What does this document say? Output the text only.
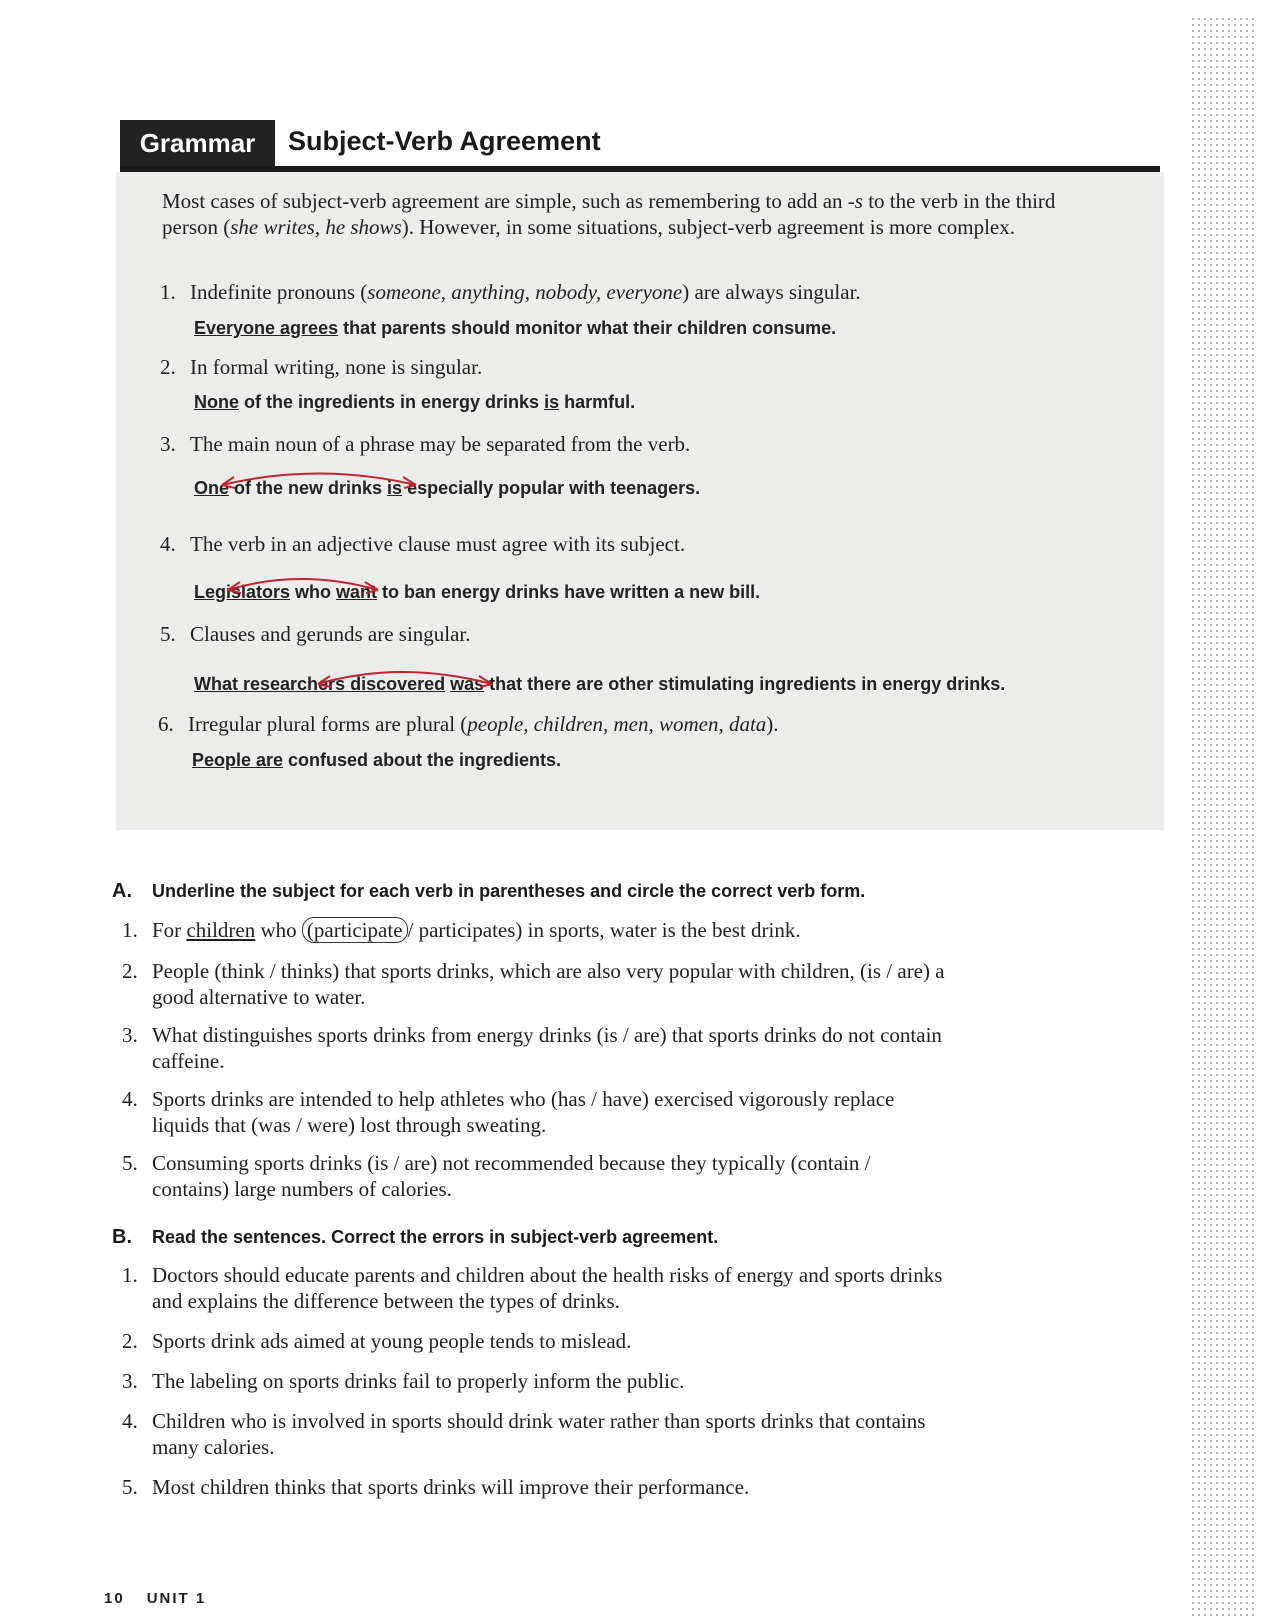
Grammar	Subject-Verb Agreement
Most cases of subject-verb agreement are simple, such as remembering to add an -s to the verb in the third person (she writes, he shows). However, in some situations, subject-verb agreement is more complex.
1. Indefinite pronouns (someone, anything, nobody, everyone) are always singular.
Everyone agrees that parents should monitor what their children consume.
2. In formal writing, none is singular.
None of the ingredients in energy drinks is harmful.
3. The main noun of a phrase may be separated from the verb.
One of the new drinks is especially popular with teenagers.
4. The verb in an adjective clause must agree with its subject.
Legislators who want to ban energy drinks have written a new bill.
5. Clauses and gerunds are singular.
What researchers discovered was that there are other stimulating ingredients in energy drinks.
6. Irregular plural forms are plural (people, children, men, women, data).
People are confused about the ingredients.
A. Underline the subject for each verb in parentheses and circle the correct verb form.
1. For children who (participate / participates) in sports, water is the best drink.
2. People (think / thinks) that sports drinks, which are also very popular with children, (is / are) a good alternative to water.
3. What distinguishes sports drinks from energy drinks (is / are) that sports drinks do not contain caffeine.
4. Sports drinks are intended to help athletes who (has / have) exercised vigorously replace liquids that (was / were) lost through sweating.
5. Consuming sports drinks (is / are) not recommended because they typically (contain / contains) large numbers of calories.
B. Read the sentences. Correct the errors in subject-verb agreement.
1. Doctors should educate parents and children about the health risks of energy and sports drinks and explains the difference between the types of drinks.
2. Sports drink ads aimed at young people tends to mislead.
3. The labeling on sports drinks fail to properly inform the public.
4. Children who is involved in sports should drink water rather than sports drinks that contains many calories.
5. Most children thinks that sports drinks will improve their performance.
10 UNIT 1
